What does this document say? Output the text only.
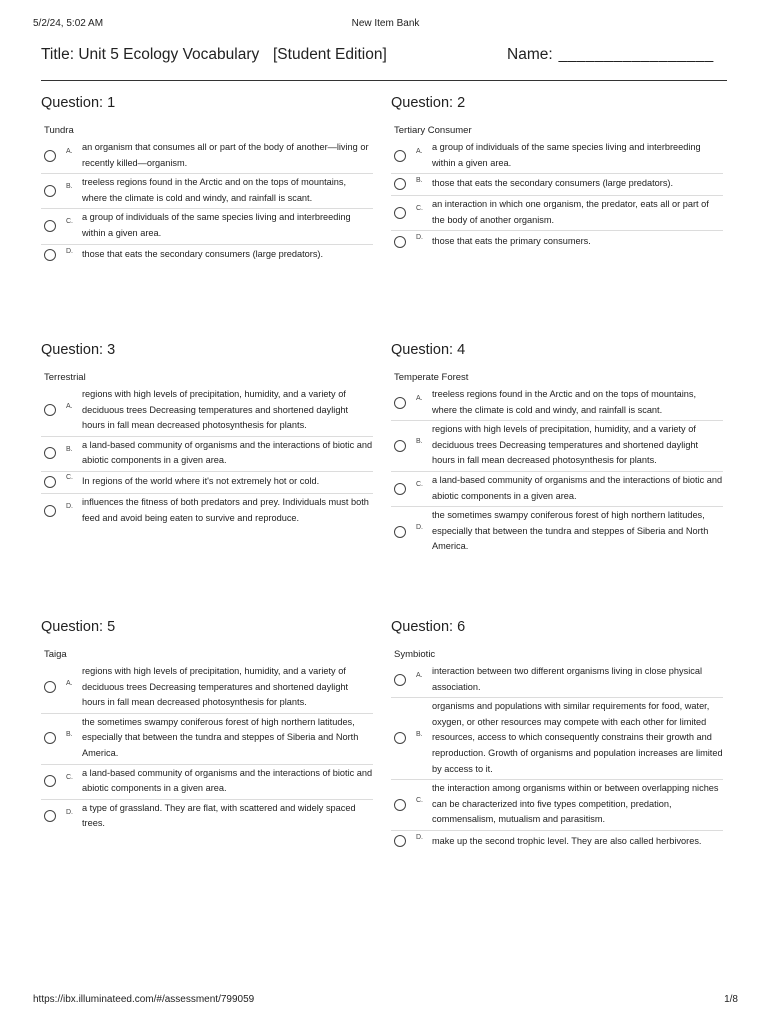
5/2/24, 5:02 AM	New Item Bank
Title: Unit 5 Ecology Vocabulary [Student Edition]	Name: _________________
Question: 1
Tundra
A.	an organism that consumes all or part of the body of another—living or recently killed—organism.
B.	treeless regions found in the Arctic and on the tops of mountains, where the climate is cold and windy, and rainfall is scant.
C. a group of individuals of the same species living and interbreeding within a given area.
D. those that eats the secondary consumers (large predators).
Question: 2
Tertiary Consumer
A.	a group of individuals of the same species living and interbreeding within a given area.
B.	those that eats the secondary consumers (large predators).
C. an interaction in which one organism, the predator, eats all or part of the body of another organism.
D. those that eats the primary consumers.
Question: 3
Terrestrial
A.
regions with high levels of precipitation, humidity, and a variety of deciduous trees Decreasing temperatures and shortened daylight hours in fall mean decreased photosynthesis for plants.
B.	a land-based community of organisms and the interactions of biotic and abiotic components in a given area.
C. In regions of the world where it's not extremely hot or cold.
D. influences the fitness of both predators and prey. Individuals must both feed and avoid being eaten to survive and reproduce.
Question: 4
Temperate Forest
A.	treeless regions found in the Arctic and on the tops of mountains, where the climate is cold and windy, and rainfall is scant.
B.
regions with high levels of precipitation, humidity, and a variety of deciduous trees Decreasing temperatures and shortened daylight hours in fall mean decreased photosynthesis for plants.
C. a land-based community of organisms and the interactions of biotic and abiotic components in a given area.
D.
the sometimes swampy coniferous forest of high northern latitudes, especially that between the tundra and steppes of Siberia and North America.
Question: 5
Taiga
A.
regions with high levels of precipitation, humidity, and a variety of deciduous trees Decreasing temperatures and shortened daylight hours in fall mean decreased photosynthesis for plants.
B.
the sometimes swampy coniferous forest of high northern latitudes, especially that between the tundra and steppes of Siberia and North America.
C. a land-based community of organisms and the interactions of biotic and abiotic components in a given area.
D. a type of grassland. They are flat, with scattered and widely spaced trees.
Question: 6
Symbiotic
A.	interaction between two different organisms living in close physical association.
B.
organisms and populations with similar requirements for food, water, oxygen, or other resources may compete with each other for limited resources, access to which consequently constrains their growth and reproduction. Growth of organisms and population increases are limited by access to it.
C.
the interaction among organisms within or between overlapping niches can be characterized into five types competition, predation, commensalism, mutualism and parasitism.
D. make up the second trophic level. They are also called herbivores.
https://ibx.illuminateed.com/#/assessment/799059	1/8
